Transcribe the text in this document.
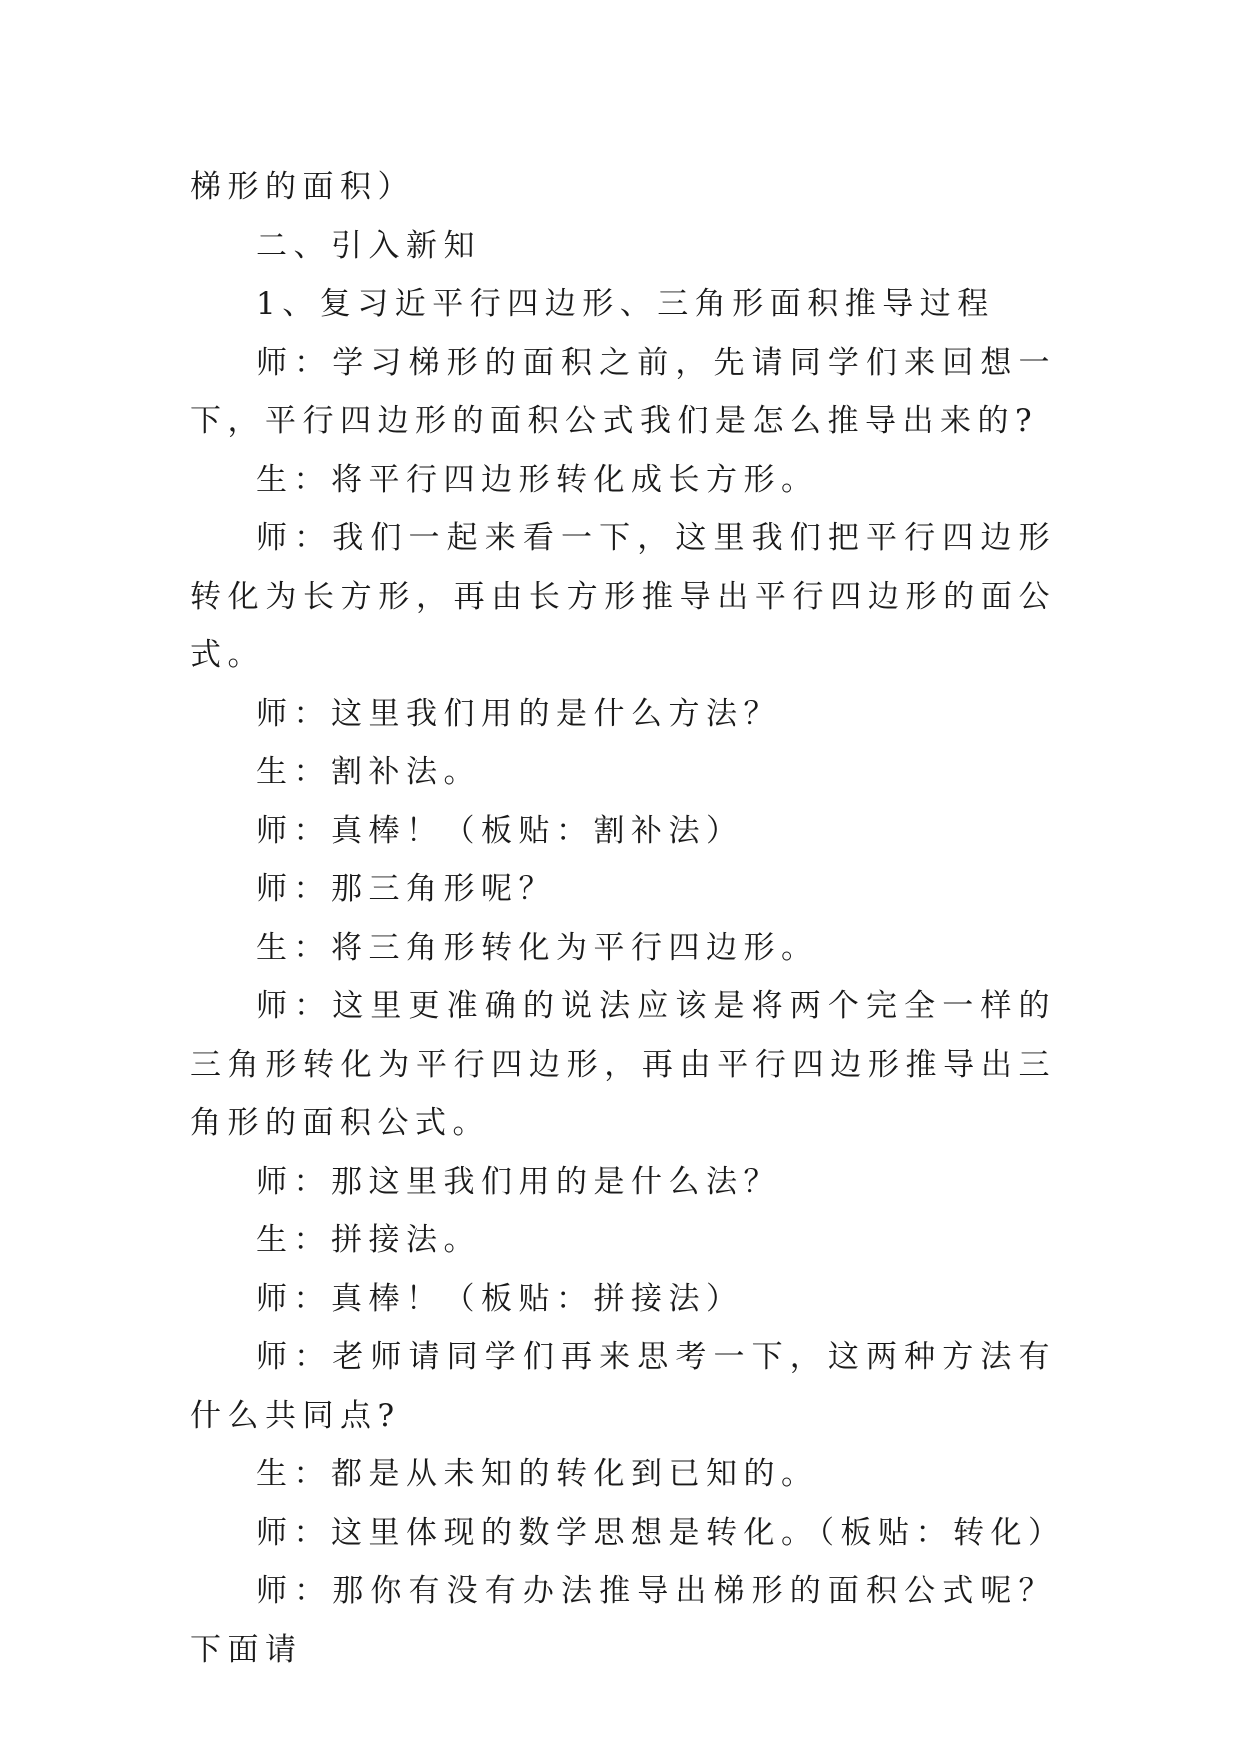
梯形的面积）

二、引入新知

1、复习近平行四边形、三角形面积推导过程

师：学习梯形的面积之前，先请同学们来回想一下，平行四边形的面积公式我们是怎么推导出来的?

生：将平行四边形转化成长方形。

师：我们一起来看一下，这里我们把平行四边形转化为长方形，再由长方形推导出平行四边形的面公式。

师：这里我们用的是什么方法？

生：割补法。

师：真棒！（板贴：割补法）

师：那三角形呢？

生：将三角形转化为平行四边形。

师：这里更准确的说法应该是将两个完全一样的三角形转化为平行四边形，再由平行四边形推导出三角形的面积公式。

师：那这里我们用的是什么法？

生：拼接法。

师：真棒！（板贴：拼接法）

师：老师请同学们再来思考一下，这两种方法有什么共同点?

生：都是从未知的转化到已知的。

师：这里体现的数学思想是转化。（板贴：转化）

师：那你有没有办法推导出梯形的面积公式呢？下面请
